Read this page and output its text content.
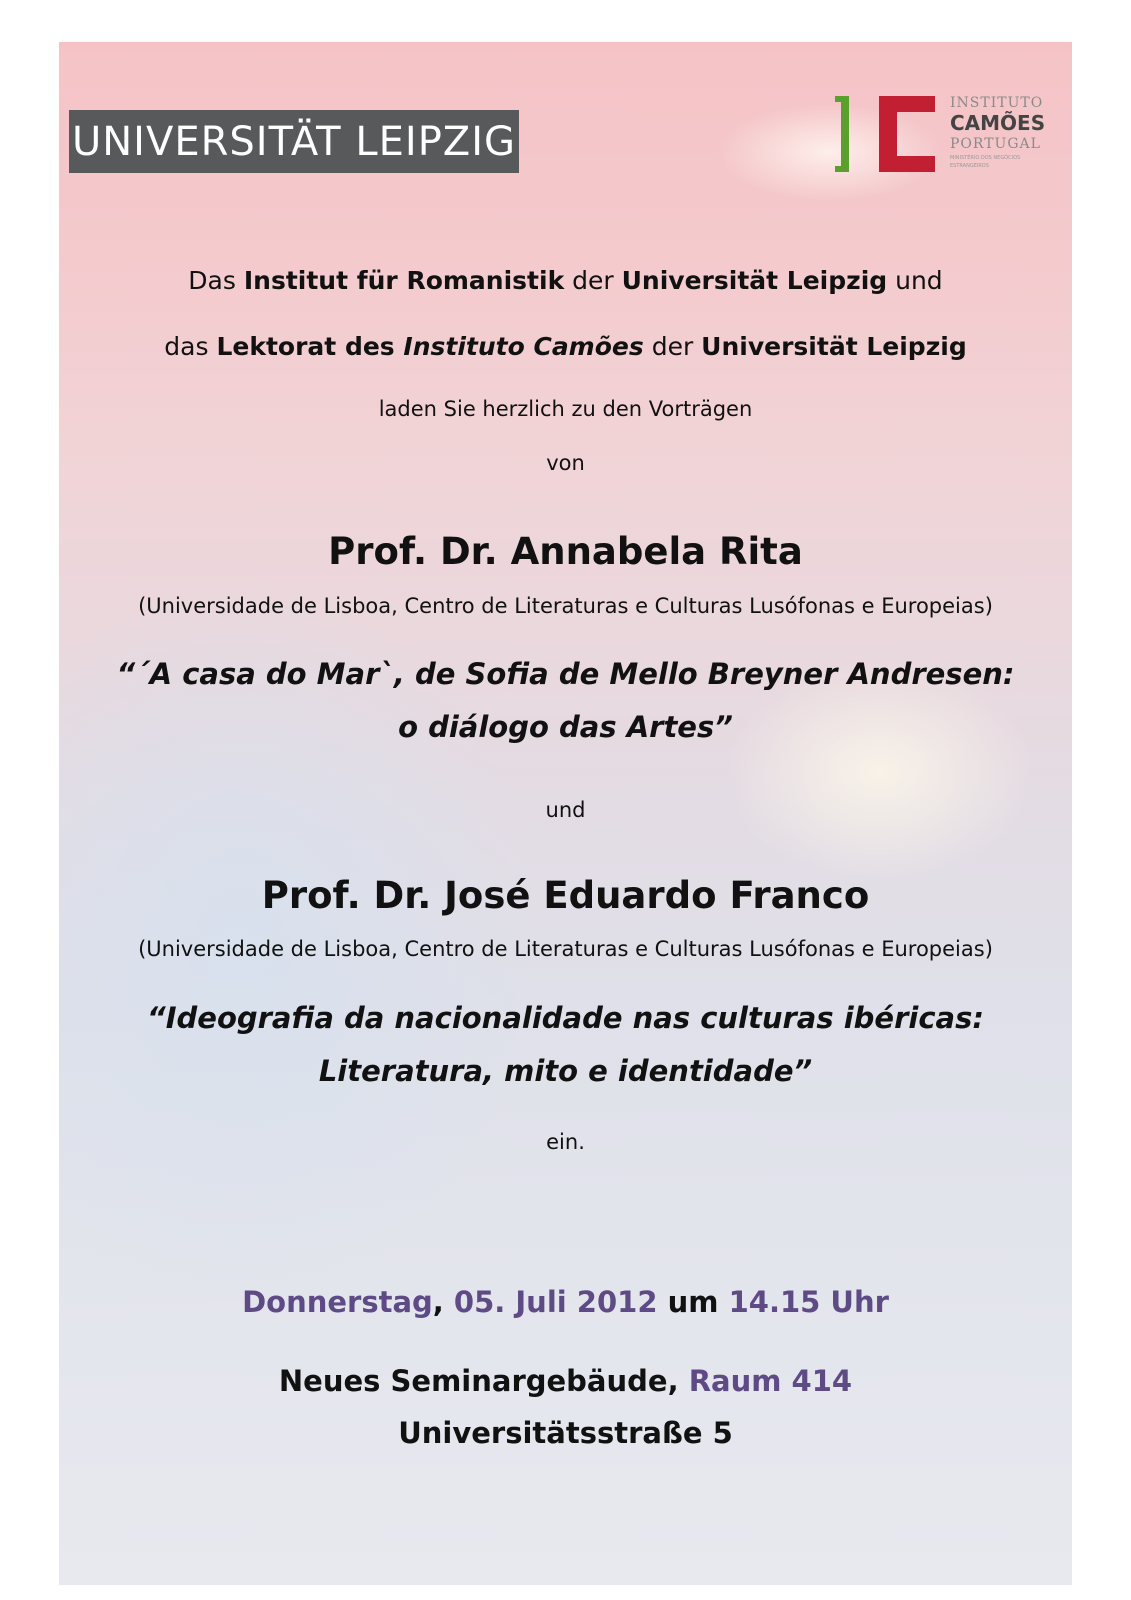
UNIVERSITÄT LEIPZIG
INSTITUTO
CAMÕES
PORTUGAL
MINISTÉRIO DOS NEGÓCIOS ESTRANGEIROS
Das Institut für Romanistik der Universität Leipzig und
das Lektorat des Instituto Camões der Universität Leipzig
laden Sie herzlich zu den Vorträgen
von
Prof. Dr. Annabela Rita
(Universidade de Lisboa, Centro de Literaturas e Culturas Lusófonas e Europeias)
“´A casa do Mar`, de Sofia de Mello Breyner Andresen:
o diálogo das Artes”
und
Prof. Dr. José Eduardo Franco
(Universidade de Lisboa, Centro de Literaturas e Culturas Lusófonas e Europeias)
“Ideografia da nacionalidade nas culturas ibéricas:
Literatura, mito e identidade”
ein.
Donnerstag, 05. Juli 2012 um 14.15 Uhr
Neues Seminargebäude, Raum 414
Universitätsstraße 5
